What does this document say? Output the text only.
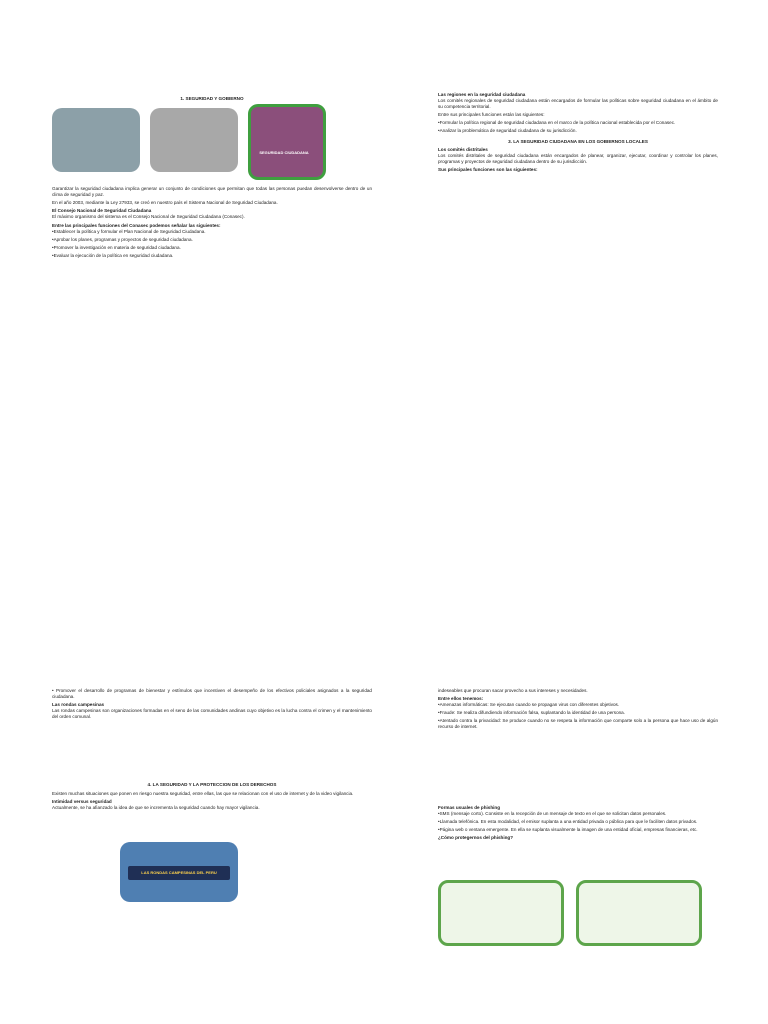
1. SEGURIDAD Y GOBIERNO

Garantizar la seguridad ciudadana implica generar un conjunto de condiciones que permitan que todas las personas puedan desenvolverse dentro de un clima de seguridad y paz.

En el año 2003, mediante la Ley 27933, se creó en nuestro país el Sistema Nacional de Seguridad Ciudadana.

El Consejo Nacional de Seguridad Ciudadana

El máximo organismo del sistema es el Consejo Nacional de Seguridad Ciudadana (Conasec).

Entre las principales funciones del Conasec podemos señalar las siguientes:

•Establecer la política y formular el Plan Nacional de Seguridad Ciudadana.

•Aprobar los planes, programas y proyectos de seguridad ciudadana.

•Promover la investigación en materia de seguridad ciudadana.

•Evaluar la ejecución de la política en seguridad ciudadana.

Las regiones en la seguridad ciudadana

Los comités regionales de seguridad ciudadana están encargados de formular las políticas sobre seguridad ciudadana en el ámbito de su competencia territorial.

Entre sus principales funciones están las siguientes:

•Formular la política regional de seguridad ciudadana en el marco de la política nacional establecida por el Conasec.

•Analizar la problemática de seguridad ciudadana de su jurisdicción.

3. LA SEGURIDAD CIUDADANA EN LOS GOBIERNOS LOCALES

Los comités distritales

Los comités distritales de seguridad ciudadana están encargados de planear, organizar, ejecutar, coordinar y controlar los planes, programas y proyectos de seguridad ciudadana dentro de su jurisdicción.

Sus principales funciones son las siguientes:

LAS RONDAS CAMPESINAS DEL PERU

• Promover el desarrollo de programas de bienestar y estímulos que incentiven el desempeño de los efectivos policiales asignados a la seguridad ciudadana.

Las rondas campesinas

Las rondas campesinas son organizaciones formadas en el seno de las comunidades andinas cuyo objetivo es la lucha contra el crimen y el mantenimiento del orden comunal.

4. LA SEGURIDAD Y LA PROTECCION DE LOS DERECHOS

Existen muchas situaciones que ponen en riesgo nuestra seguridad, entre ellas, las que se relacionan con el uso de internet y de la video vigilancia.

Intimidad versus seguridad

Actualmente, se ha afianzado la idea de que se incrementa la seguridad cuando hay mayor vigilancia.

indeseables que procuran sacar provecho a sus intereses y necesidades.

Entre ellos tenemos:

•Amenazas informáticas: Se ejecutan cuando se propagan virus con diferentes objetivos.

•Fraude: Se realiza difundiendo información falsa, suplantando la identidad de una persona.

•Atentado contra la privacidad: Se produce cuando no se respeta la información que comparte solo a la persona que hace uso de algún recurso de internet.

Formas usuales de phishing

•SMS (mensaje corto). Consiste en la recepción de un mensaje de texto en el que se solicitan datos personales.

•Llamada telefónica. En esta modalidad, el emisor suplanta a una entidad privada o pública para que le faciliten datos privados.

•Página web o ventana emergente. En ella se suplanta visualmente la imagen de una entidad oficial, empresas financieras, etc.

¿Cómo protegernos del phishing?

SEGURIDAD CIUDADANA
